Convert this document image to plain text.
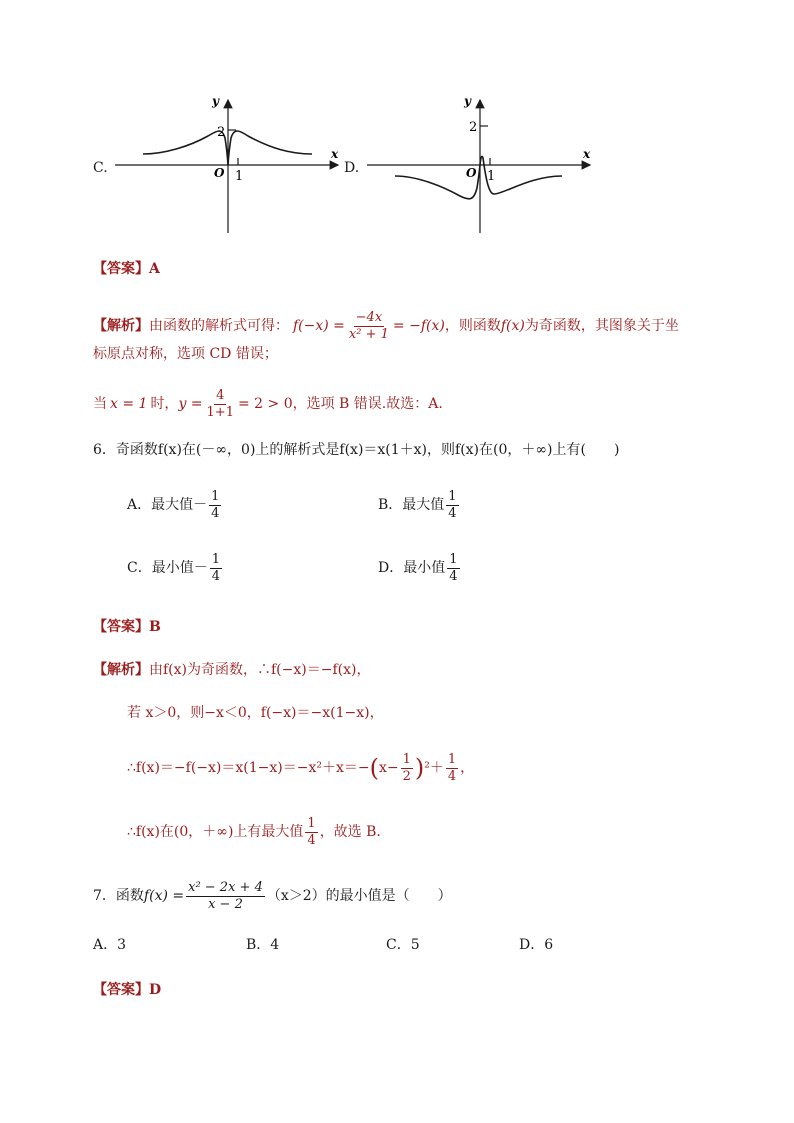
C.
x
y
2
1
O	D.
x
y
2
1
O
【答案】A
【解析】 由函数的解析式可得： $f(-x) = \frac{-4x}{\text{x² + 1}} = -f(x)$ ，则函数 f(x) 为奇函数，其图象关于坐
标原点对称，选项 CD 错误；
当 x = 1 时， $y = \frac{4}{1+1} = 2 > 0$ ，选项 B 错误.故选：A.
6．奇函数f(x)在(－∞，0)上的解析式是f(x)＝x(1＋x)，则f(x)在(0，＋∞)上有(　　)
A．最大值－ $\frac{1}{4}$	B．最大值 $\frac{1}{4}$
C．最小值－ $\frac{1}{4}$	D．最小值 $\frac{1}{4}$
【答案】B
【解析】由f(x)为奇函数，∴f(−x)＝−f(x)，
若 x＞0，则−x＜0，f(−x)＝−x(1−x)，
∴f(x)＝−f(−x)＝x(1−x)＝−x²＋x＝− ( $x- \frac{1}{2}$ ) $^2+ \frac{1}{4}$ ，
∴f(x)在(0，＋∞)上有最大值 $\frac{1}{4}$ ，故选 B．
7．函数 $f(x) = \frac{\text{x² − 2x + 4}}{x - 2} (x>2)$的最小值是（　　）
A．3	B．4	C．5	D．6
【答案】D
